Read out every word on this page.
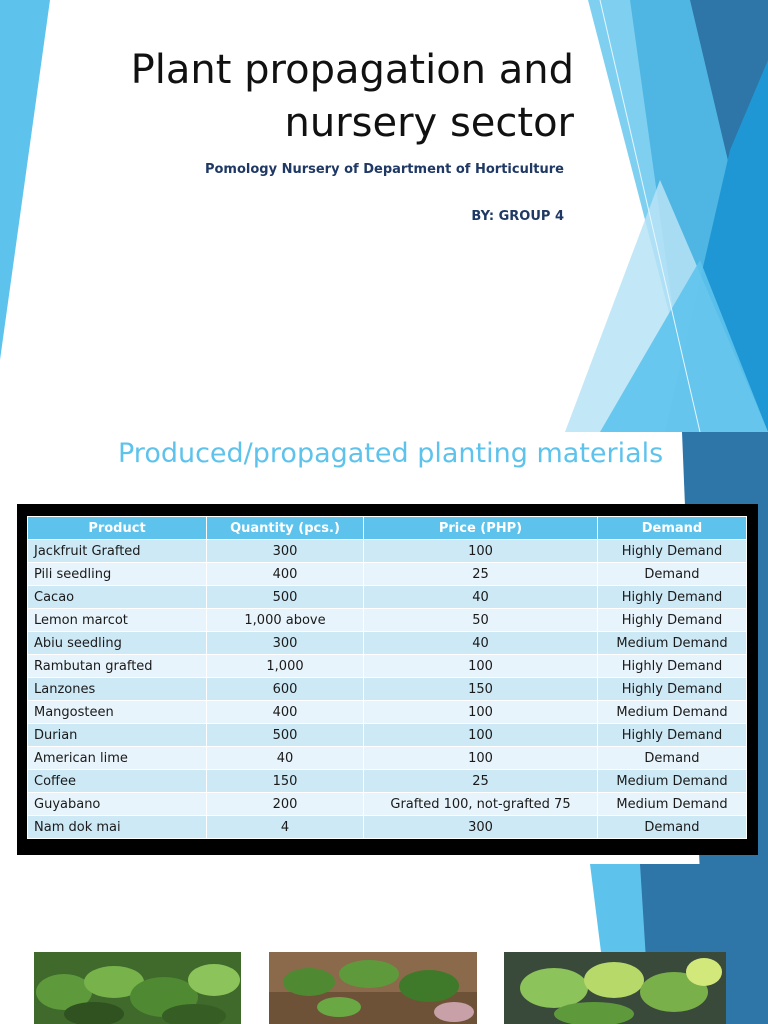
Plant propagation and
nursery sector

Pomology Nursery of Department of Horticulture

BY: GROUP 4

Produced/propagated planting materials
Product	Quantity (pcs.)	Price (PHP)	Demand
Jackfruit Grafted	300	100	Highly Demand
Pili seedling	400	25	Demand
Cacao	500	40	Highly Demand
Lemon marcot	1,000 above	50	Highly Demand
Abiu seedling	300	40	Medium Demand
Rambutan grafted	1,000	100	Highly Demand
Lanzones	600	150	Highly Demand
Mangosteen	400	100	Medium Demand
Durian	500	100	Highly Demand
American lime	40	100	Demand
Coffee	150	25	Medium Demand
Guyabano	200	Grafted 100, not-grafted 75	Medium Demand
Nam dok mai	4	300	Demand
